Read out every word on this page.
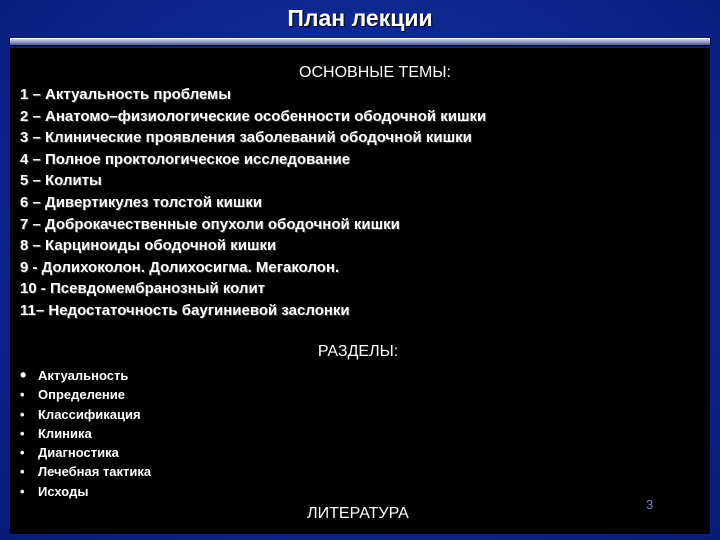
План лекции
ОСНОВНЫЕ ТЕМЫ:
1 – Актуальность проблемы
2 – Анатомо–физиологические особенности ободочной кишки
3 – Клинические проявления заболеваний ободочной кишки
4 – Полное проктологическое исследование
5 – Колиты
6 – Дивертикулез толстой кишки
7 – Доброкачественные опухоли ободочной кишки
8 – Карциноиды ободочной кишки
9 - Долихоколон. Долихосигма. Мегаколон.
10 - Псевдомембранозный колит
11– Недостаточность баугиниевой заслонки
РАЗДЕЛЫ:
• Актуальность
•	Определение
•	Классификация
•	Клиника
•	Диагностика
•	Лечебная тактика
•	Исходы
ЛИТЕРАТУРА
3
